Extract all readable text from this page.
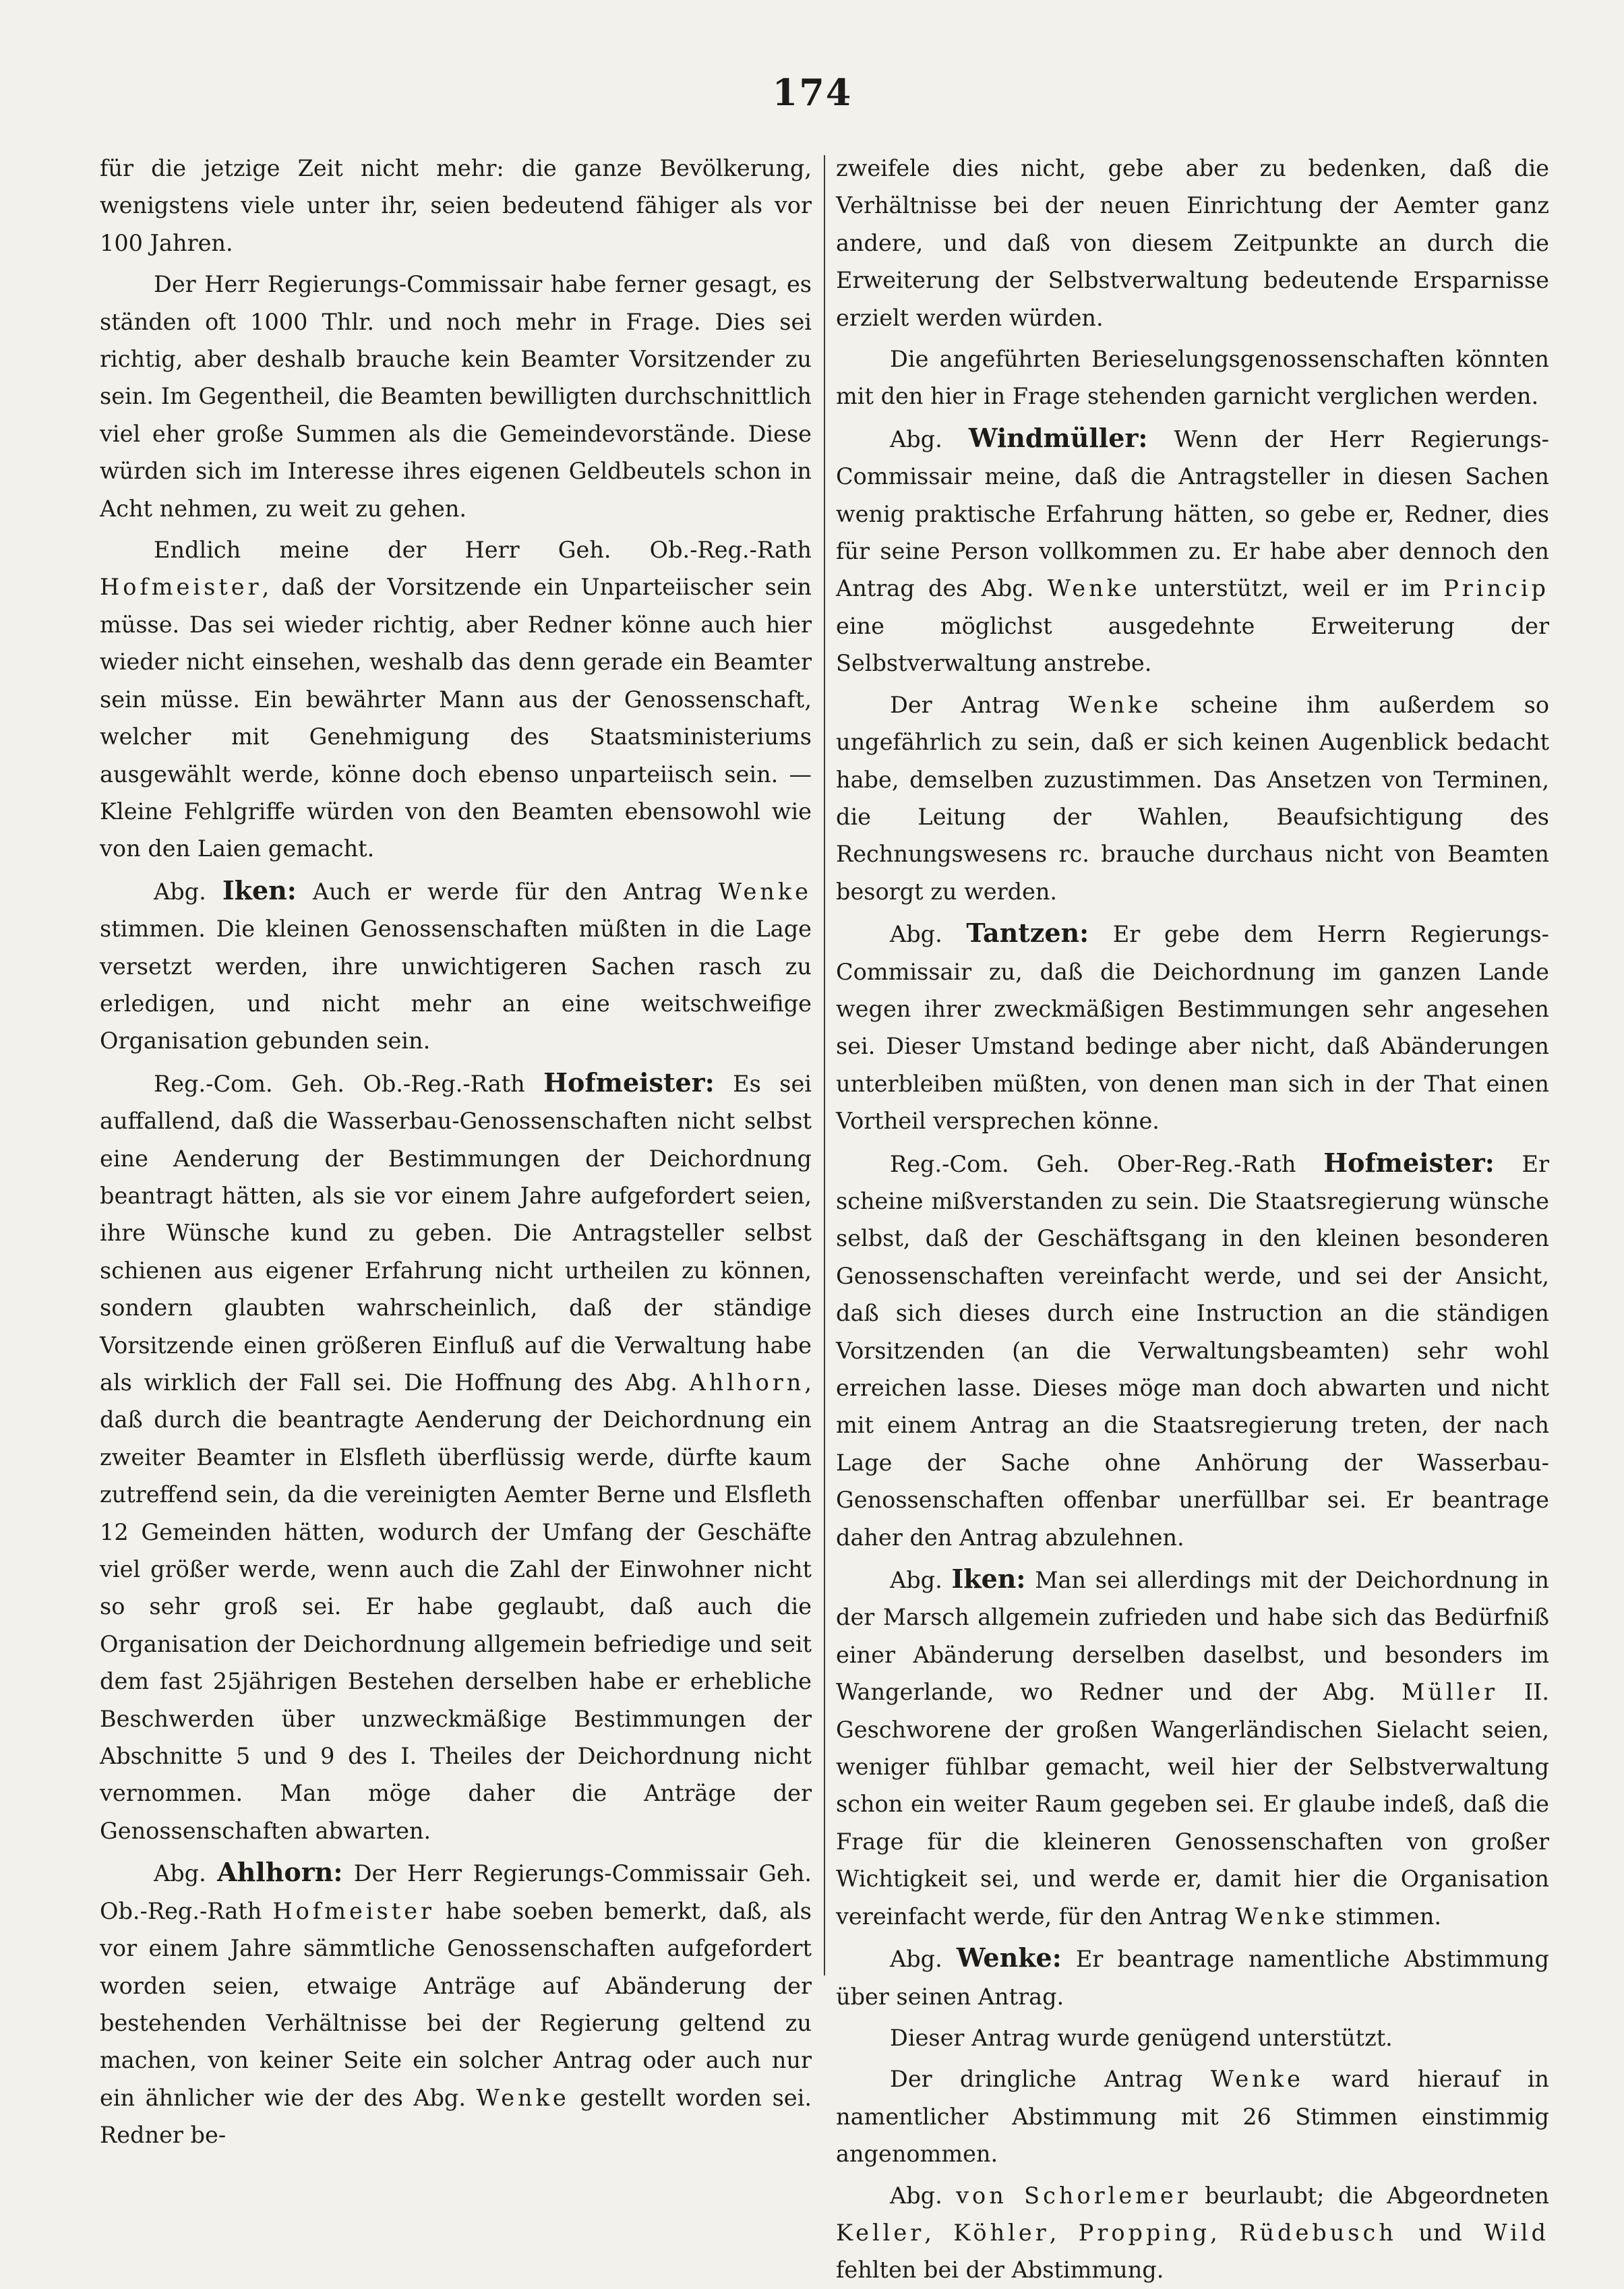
174

für die jetzige Zeit nicht mehr: die ganze Bevölkerung, wenigstens viele unter ihr, seien bedeutend fähiger als vor 100 Jahren.

Der Herr Regierungs-Commissair habe ferner gesagt, es ständen oft 1000 Thlr. und noch mehr in Frage. Dies sei richtig, aber deshalb brauche kein Beamter Vorsitzender zu sein. Im Gegentheil, die Beamten bewilligten durchschnittlich viel eher große Summen als die Gemeindevorstände. Diese würden sich im Interesse ihres eigenen Geldbeutels schon in Acht nehmen, zu weit zu gehen.

Endlich meine der Herr Geh. Ob.-Reg.-Rath Hofmeister, daß der Vorsitzende ein Unparteiischer sein müsse. Das sei wieder richtig, aber Redner könne auch hier wieder nicht einsehen, weshalb das denn gerade ein Beamter sein müsse. Ein bewährter Mann aus der Genossenschaft, welcher mit Genehmigung des Staatsministeriums ausgewählt werde, könne doch ebenso unparteiisch sein. — Kleine Fehlgriffe würden von den Beamten ebensowohl wie von den Laien gemacht.

Abg. Iken: Auch er werde für den Antrag Wenke stimmen. Die kleinen Genossenschaften müßten in die Lage versetzt werden, ihre unwichtigeren Sachen rasch zu erledigen, und nicht mehr an eine weitschweifige Organisation gebunden sein.

Reg.-Com. Geh. Ob.-Reg.-Rath Hofmeister: Es sei auffallend, daß die Wasserbau-Genossenschaften nicht selbst eine Aenderung der Bestimmungen der Deichordnung beantragt hätten, als sie vor einem Jahre aufgefordert seien, ihre Wünsche kund zu geben. Die Antragsteller selbst schienen aus eigener Erfahrung nicht urtheilen zu können, sondern glaubten wahrscheinlich, daß der ständige Vorsitzende einen größeren Einfluß auf die Verwaltung habe als wirklich der Fall sei. Die Hoffnung des Abg. Ahlhorn, daß durch die beantragte Aenderung der Deichordnung ein zweiter Beamter in Elsfleth überflüssig werde, dürfte kaum zutreffend sein, da die vereinigten Aemter Berne und Elsfleth 12 Gemeinden hätten, wodurch der Umfang der Geschäfte viel größer werde, wenn auch die Zahl der Einwohner nicht so sehr groß sei. Er habe geglaubt, daß auch die Organisation der Deichordnung allgemein befriedige und seit dem fast 25jährigen Bestehen derselben habe er erhebliche Beschwerden über unzweckmäßige Bestimmungen der Abschnitte 5 und 9 des I. Theiles der Deichordnung nicht vernommen. Man möge daher die Anträge der Genossenschaften abwarten.

Abg. Ahlhorn: Der Herr Regierungs-Commissair Geh. Ob.-Reg.-Rath Hofmeister habe soeben bemerkt, daß, als vor einem Jahre sämmtliche Genossenschaften aufgefordert worden seien, etwaige Anträge auf Abänderung der bestehenden Verhältnisse bei der Regierung geltend zu machen, von keiner Seite ein solcher Antrag oder auch nur ein ähnlicher wie der des Abg. Wenke gestellt worden sei. Redner be-

zweifele dies nicht, gebe aber zu bedenken, daß die Verhältnisse bei der neuen Einrichtung der Aemter ganz andere, und daß von diesem Zeitpunkte an durch die Erweiterung der Selbstverwaltung bedeutende Ersparnisse erzielt werden würden.

Die angeführten Berieselungsgenossenschaften könnten mit den hier in Frage stehenden garnicht verglichen werden.

Abg. Windmüller: Wenn der Herr Regierungs-Commissair meine, daß die Antragsteller in diesen Sachen wenig praktische Erfahrung hätten, so gebe er, Redner, dies für seine Person vollkommen zu. Er habe aber dennoch den Antrag des Abg. Wenke unterstützt, weil er im Princip eine möglichst ausgedehnte Erweiterung der Selbstverwaltung anstrebe.

Der Antrag Wenke scheine ihm außerdem so ungefährlich zu sein, daß er sich keinen Augenblick bedacht habe, demselben zuzustimmen. Das Ansetzen von Terminen, die Leitung der Wahlen, Beaufsichtigung des Rechnungswesens rc. brauche durchaus nicht von Beamten besorgt zu werden.

Abg. Tantzen: Er gebe dem Herrn Regierungs-Commissair zu, daß die Deichordnung im ganzen Lande wegen ihrer zweckmäßigen Bestimmungen sehr angesehen sei. Dieser Umstand bedinge aber nicht, daß Abänderungen unterbleiben müßten, von denen man sich in der That einen Vortheil versprechen könne.

Reg.-Com. Geh. Ober-Reg.-Rath Hofmeister: Er scheine mißverstanden zu sein. Die Staatsregierung wünsche selbst, daß der Geschäftsgang in den kleinen besonderen Genossenschaften vereinfacht werde, und sei der Ansicht, daß sich dieses durch eine Instruction an die ständigen Vorsitzenden (an die Verwaltungsbeamten) sehr wohl erreichen lasse. Dieses möge man doch abwarten und nicht mit einem Antrag an die Staatsregierung treten, der nach Lage der Sache ohne Anhörung der Wasserbau-Genossenschaften offenbar unerfüllbar sei. Er beantrage daher den Antrag abzulehnen.

Abg. Iken: Man sei allerdings mit der Deichordnung in der Marsch allgemein zufrieden und habe sich das Bedürfniß einer Abänderung derselben daselbst, und besonders im Wangerlande, wo Redner und der Abg. Müller II. Geschworene der großen Wangerländischen Sielacht seien, weniger fühlbar gemacht, weil hier der Selbstverwaltung schon ein weiter Raum gegeben sei. Er glaube indeß, daß die Frage für die kleineren Genossenschaften von großer Wichtigkeit sei, und werde er, damit hier die Organisation vereinfacht werde, für den Antrag Wenke stimmen.

Abg. Wenke: Er beantrage namentliche Abstimmung über seinen Antrag.

Dieser Antrag wurde genügend unterstützt.

Der dringliche Antrag Wenke ward hierauf in namentlicher Abstimmung mit 26 Stimmen einstimmig angenommen.

Abg. von Schorlemer beurlaubt; die Abgeordneten Keller, Köhler, Propping, Rüdebusch und Wild fehlten bei der Abstimmung.
